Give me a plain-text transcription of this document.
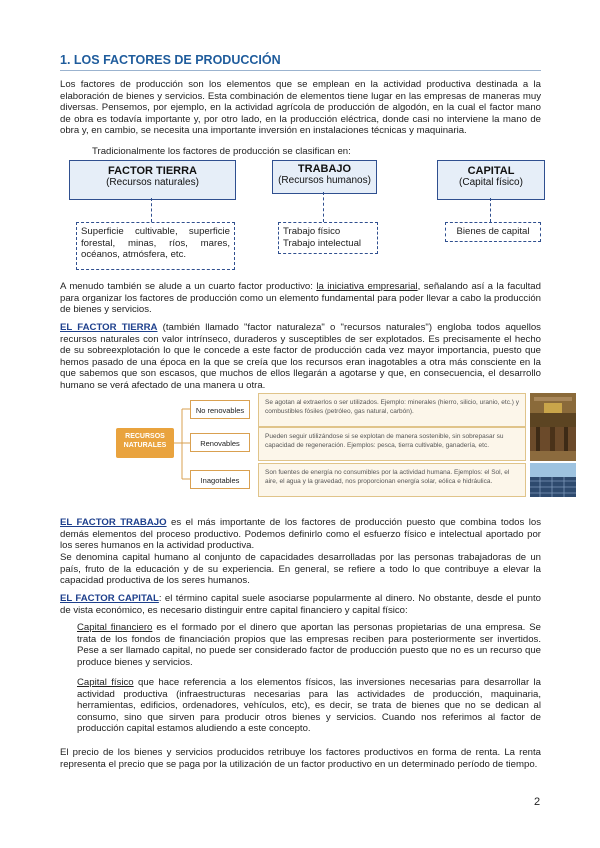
1. LOS FACTORES DE PRODUCCIÓN

Los factores de producción son los elementos que se emplean en la actividad productiva destinada a la elaboración de bienes y servicios. Esta combinación de elementos tiene lugar en las empresas de maneras muy diversas. Pensemos, por ejemplo, en la actividad agrícola de producción de algodón, en la cual el factor mano de obra es todavía importante y, por otro lado, en la producción eléctrica, donde casi no interviene la mano de obra y, en cambio, se necesita una importante inversión en instalaciones técnicas y maquinaria.

Tradicionalmente los factores de producción se clasifican en:

FACTOR TIERRA
(Recursos naturales)
TRABAJO
(Recursos humanos)
CAPITAL
(Capital físico)
Superficie cultivable, superficie forestal, minas, ríos, mares, océanos, atmósfera, etc.
Trabajo físico
Trabajo intelectual
Bienes de capital

A menudo también se alude a un cuarto factor productivo: la iniciativa empresarial, señalando así a la facultad para organizar los factores de producción como un elemento fundamental para poder llevar a cabo la producción de bienes y servicios.

EL FACTOR TIERRA (también llamado "factor naturaleza" o "recursos naturales") engloba todos aquellos recursos naturales con valor intrínseco, duraderos y susceptibles de ser explotados. Es precisamente el hecho de su sobreexplotación lo que le concede a este factor de producción cada vez mayor importancia, puesto que hemos pasado de una época en la que se creía que los recursos eran inagotables a otra más consciente en la que sabemos que son escasos, que muchos de ellos llegarán a agotarse y que, en consecuencia, el desarrollo humano se verá afectado de una manera u otra.

RECURSOS NATURALES
No renovables
Se agotan al extraerlos o ser utilizados. Ejemplo: minerales (hierro, silicio, uranio, etc.) y combustibles fósiles (petróleo, gas natural, carbón).
Renovables
Pueden seguir utilizándose si se explotan de manera sostenible, sin sobrepasar su capacidad de regeneración. Ejemplos: pesca, tierra cultivable, ganadería, etc.
Inagotables
Son fuentes de energía no consumibles por la actividad humana. Ejemplos: el Sol, el aire, el agua y la gravedad, nos proporcionan energía solar, eólica e hidráulica.

EL FACTOR TRABAJO es el más importante de los factores de producción puesto que combina todos los demás elementos del proceso productivo. Podemos definirlo como el esfuerzo físico e intelectual aportado por los seres humanos en la actividad productiva.

Se denomina capital humano al conjunto de capacidades desarrolladas por las personas trabajadoras de un país, fruto de la educación y de su experiencia. En general, se refiere a todo lo que contribuye a elevar la capacidad productiva de los seres humanos.

EL FACTOR CAPITAL: el término capital suele asociarse popularmente al dinero. No obstante, desde el punto de vista económico, es necesario distinguir entre capital financiero y capital físico:

Capital financiero es el formado por el dinero que aportan las personas propietarias de una empresa. Se trata de los fondos de financiación propios que las empresas reciben para posteriormente ser invertidos. Pese a ser llamado capital, no puede ser considerado factor de producción puesto que no es un recurso que produce bienes y servicios.

Capital físico que hace referencia a los elementos físicos, las inversiones necesarias para desarrollar la actividad productiva (infraestructuras necesarias para las actividades de producción, maquinaria, herramientas, edificios, ordenadores, vehículos, etc), es decir, se trata de bienes que no se dedican al consumo, sino que sirven para producir otros bienes y servicios. Cuando nos referimos al factor de producción capital estamos aludiendo a este concepto.

El precio de los bienes y servicios producidos retribuye los factores productivos en forma de renta. La renta representa el precio que se paga por la utilización de un factor productivo en un determinado período de tiempo.

2
